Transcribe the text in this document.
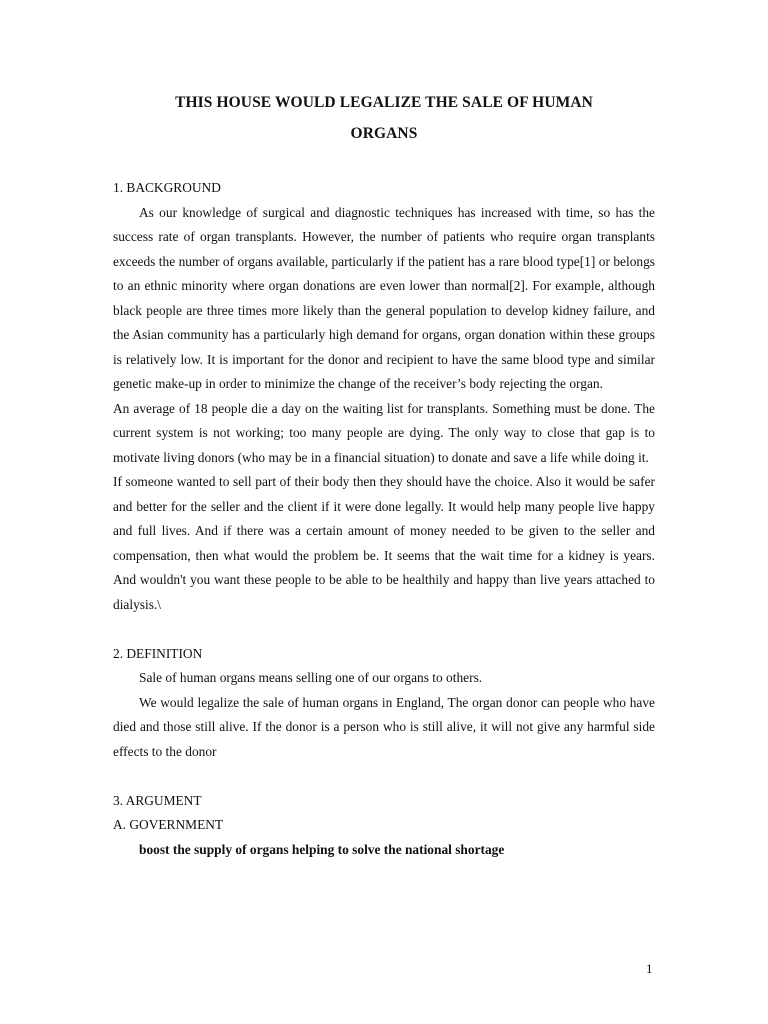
THIS HOUSE WOULD LEGALIZE THE SALE OF HUMAN
ORGANS

1. BACKGROUND

As our knowledge of surgical and diagnostic techniques has increased with time, so has the success rate of organ transplants. However, the number of patients who require organ transplants exceeds the number of organs available, particularly if the patient has a rare blood type[1] or belongs to an ethnic minority where organ donations are even lower than normal[2]. For example, although black people are three times more likely than the general population to develop kidney failure, and the Asian community has a particularly high demand for organs, organ donation within these groups is relatively low. It is important for the donor and recipient to have the same blood type and similar genetic make-up in order to minimize the change of the receiver’s body rejecting the organ.

An average of 18 people die a day on the waiting list for transplants. Something must be done. The current system is not working; too many people are dying. The only way to close that gap is to motivate living donors (who may be in a financial situation) to donate and save a life while doing it.

If someone wanted to sell part of their body then they should have the choice. Also it would be safer and better for the seller and the client if it were done legally. It would help many people live happy and full lives. And if there was a certain amount of money needed to be given to the seller and compensation, then what would the problem be. It seems that the wait time for a kidney is years. And wouldn't you want these people to be able to be healthily and happy than live years attached to dialysis.\

2. DEFINITION

Sale of human organs means selling one of our organs to others.

We would legalize the sale of human organs in England, The organ donor can people who have died and those still alive. If the donor is a person who is still alive, it will not give any harmful side effects to the donor

3. ARGUMENT

A. GOVERNMENT

boost the supply of organs helping to solve the national shortage

1
